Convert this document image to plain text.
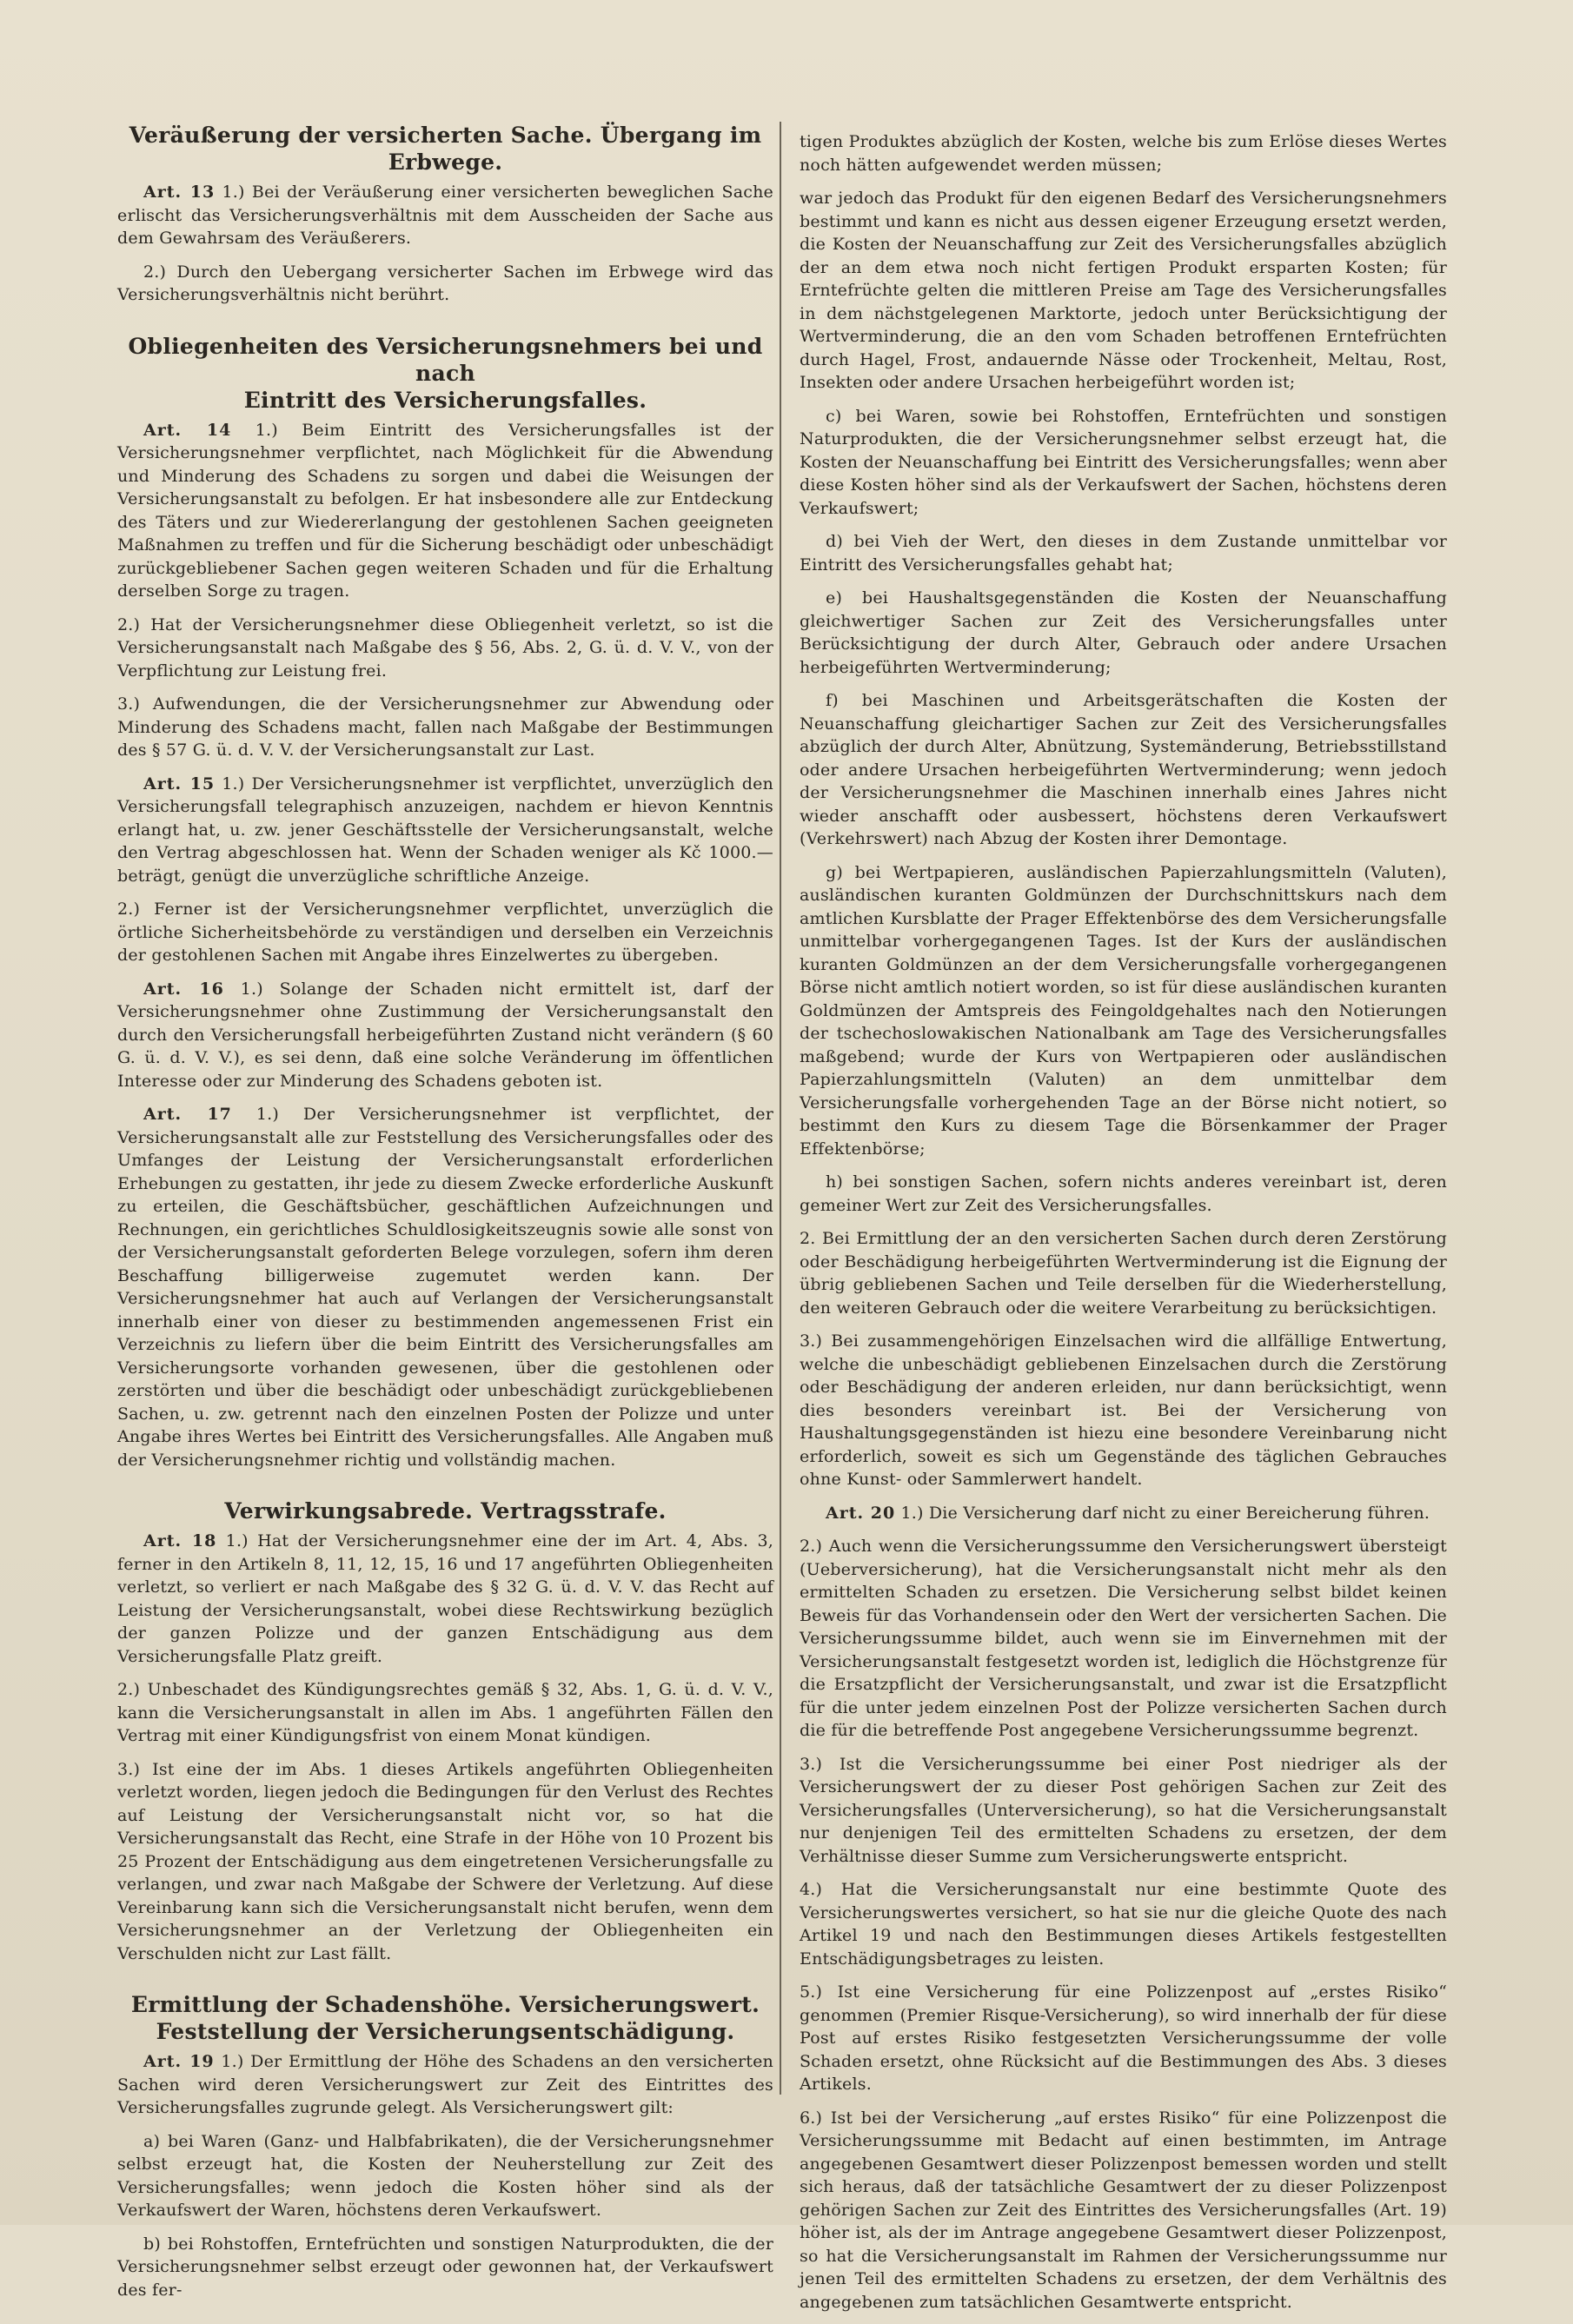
Veräußerung der versicherten Sache. Übergang im Erbwege.

Art. 13 1.) Bei der Veräußerung einer versicherten beweglichen Sache erlischt das Versicherungsverhältnis mit dem Ausscheiden der Sache aus dem Gewahrsam des Veräußerers.

2.) Durch den Uebergang versicherter Sachen im Erbwege wird das Versicherungsverhältnis nicht berührt.

Obliegenheiten des Versicherungsnehmers bei und nach
Eintritt des Versicherungsfalles.

Art. 14 1.) Beim Eintritt des Versicherungsfalles ist der Versicherungsnehmer verpflichtet, nach Möglichkeit für die Abwendung und Minderung des Schadens zu sorgen und dabei die Weisungen der Versicherungsanstalt zu befolgen. Er hat insbesondere alle zur Entdeckung des Täters und zur Wiedererlangung der gestohlenen Sachen geeigneten Maßnahmen zu treffen und für die Sicherung beschädigt oder unbeschädigt zurückgebliebener Sachen gegen weiteren Schaden und für die Erhaltung derselben Sorge zu tragen.

2.) Hat der Versicherungsnehmer diese Obliegenheit verletzt, so ist die Versicherungsanstalt nach Maßgabe des § 56, Abs. 2, G. ü. d. V. V., von der Verpflichtung zur Leistung frei.

3.) Aufwendungen, die der Versicherungsnehmer zur Abwendung oder Minderung des Schadens macht, fallen nach Maßgabe der Bestimmungen des § 57 G. ü. d. V. V. der Versicherungsanstalt zur Last.

Art. 15 1.) Der Versicherungsnehmer ist verpflichtet, unverzüglich den Versicherungsfall telegraphisch anzuzeigen, nachdem er hievon Kenntnis erlangt hat, u. zw. jener Geschäftsstelle der Versicherungsanstalt, welche den Vertrag abgeschlossen hat. Wenn der Schaden weniger als Kč 1000.— beträgt, genügt die unverzügliche schriftliche Anzeige.

2.) Ferner ist der Versicherungsnehmer verpflichtet, unverzüglich die örtliche Sicherheitsbehörde zu verständigen und derselben ein Verzeichnis der gestohlenen Sachen mit Angabe ihres Einzelwertes zu übergeben.

Art. 16 1.) Solange der Schaden nicht ermittelt ist, darf der Versicherungsnehmer ohne Zustimmung der Versicherungsanstalt den durch den Versicherungsfall herbeigeführten Zustand nicht verändern (§ 60 G. ü. d. V. V.), es sei denn, daß eine solche Veränderung im öffentlichen Interesse oder zur Minderung des Schadens geboten ist.

Art. 17 1.) Der Versicherungsnehmer ist verpflichtet, der Versicherungsanstalt alle zur Feststellung des Versicherungsfalles oder des Umfanges der Leistung der Versicherungsanstalt erforderlichen Erhebungen zu gestatten, ihr jede zu diesem Zwecke erforderliche Auskunft zu erteilen, die Geschäftsbücher, geschäftlichen Aufzeichnungen und Rechnungen, ein gerichtliches Schuldlosigkeitszeugnis sowie alle sonst von der Versicherungsanstalt geforderten Belege vorzulegen, sofern ihm deren Beschaffung billigerweise zugemutet werden kann. Der Versicherungsnehmer hat auch auf Verlangen der Versicherungsanstalt innerhalb einer von dieser zu bestimmenden angemessenen Frist ein Verzeichnis zu liefern über die beim Eintritt des Versicherungsfalles am Versicherungsorte vorhanden gewesenen, über die gestohlenen oder zerstörten und über die beschädigt oder unbeschädigt zurückgebliebenen Sachen, u. zw. getrennt nach den einzelnen Posten der Polizze und unter Angabe ihres Wertes bei Eintritt des Versicherungsfalles. Alle Angaben muß der Versicherungsnehmer richtig und vollständig machen.

Verwirkungsabrede. Vertragsstrafe.

Art. 18 1.) Hat der Versicherungsnehmer eine der im Art. 4, Abs. 3, ferner in den Artikeln 8, 11, 12, 15, 16 und 17 angeführten Obliegenheiten verletzt, so verliert er nach Maßgabe des § 32 G. ü. d. V. V. das Recht auf Leistung der Versicherungsanstalt, wobei diese Rechtswirkung bezüglich der ganzen Polizze und der ganzen Entschädigung aus dem Versicherungsfalle Platz greift.

2.) Unbeschadet des Kündigungsrechtes gemäß § 32, Abs. 1, G. ü. d. V. V., kann die Versicherungsanstalt in allen im Abs. 1 angeführten Fällen den Vertrag mit einer Kündigungsfrist von einem Monat kündigen.

3.) Ist eine der im Abs. 1 dieses Artikels angeführten Obliegenheiten verletzt worden, liegen jedoch die Bedingungen für den Verlust des Rechtes auf Leistung der Versicherungsanstalt nicht vor, so hat die Versicherungsanstalt das Recht, eine Strafe in der Höhe von 10 Prozent bis 25 Prozent der Entschädigung aus dem eingetretenen Versicherungsfalle zu verlangen, und zwar nach Maßgabe der Schwere der Verletzung. Auf diese Vereinbarung kann sich die Versicherungsanstalt nicht berufen, wenn dem Versicherungsnehmer an der Verletzung der Obliegenheiten ein Verschulden nicht zur Last fällt.

Ermittlung der Schadenshöhe. Versicherungswert.
Feststellung der Versicherungsentschädigung.

Art. 19 1.) Der Ermittlung der Höhe des Schadens an den versicherten Sachen wird deren Versicherungswert zur Zeit des Eintrittes des Versicherungsfalles zugrunde gelegt. Als Versicherungswert gilt:

a) bei Waren (Ganz- und Halbfabrikaten), die der Versicherungsnehmer selbst erzeugt hat, die Kosten der Neuherstellung zur Zeit des Versicherungsfalles; wenn jedoch die Kosten höher sind als der Verkaufswert der Waren, höchstens deren Verkaufswert.

b) bei Rohstoffen, Erntefrüchten und sonstigen Naturprodukten, die der Versicherungsnehmer selbst erzeugt oder gewonnen hat, der Verkaufswert des fer-

tigen Produktes abzüglich der Kosten, welche bis zum Erlöse dieses Wertes noch hätten aufgewendet werden müssen;

war jedoch das Produkt für den eigenen Bedarf des Versicherungsnehmers bestimmt und kann es nicht aus dessen eigener Erzeugung ersetzt werden, die Kosten der Neuanschaffung zur Zeit des Versicherungsfalles abzüglich der an dem etwa noch nicht fertigen Produkt ersparten Kosten; für Erntefrüchte gelten die mittleren Preise am Tage des Versicherungsfalles in dem nächstgelegenen Marktorte, jedoch unter Berücksichtigung der Wertverminderung, die an den vom Schaden betroffenen Erntefrüchten durch Hagel, Frost, andauernde Nässe oder Trockenheit, Meltau, Rost, Insekten oder andere Ursachen herbeigeführt worden ist;

c) bei Waren, sowie bei Rohstoffen, Erntefrüchten und sonstigen Naturprodukten, die der Versicherungsnehmer selbst erzeugt hat, die Kosten der Neuanschaffung bei Eintritt des Versicherungsfalles; wenn aber diese Kosten höher sind als der Verkaufswert der Sachen, höchstens deren Verkaufswert;

d) bei Vieh der Wert, den dieses in dem Zustande unmittelbar vor Eintritt des Versicherungsfalles gehabt hat;

e) bei Haushaltsgegenständen die Kosten der Neuanschaffung gleichwertiger Sachen zur Zeit des Versicherungsfalles unter Berücksichtigung der durch Alter, Gebrauch oder andere Ursachen herbeigeführten Wertverminderung;

f) bei Maschinen und Arbeitsgerätschaften die Kosten der Neuanschaffung gleichartiger Sachen zur Zeit des Versicherungsfalles abzüglich der durch Alter, Abnützung, Systemänderung, Betriebsstillstand oder andere Ursachen herbeigeführten Wertverminderung; wenn jedoch der Versicherungsnehmer die Maschinen innerhalb eines Jahres nicht wieder anschafft oder ausbessert, höchstens deren Verkaufswert (Verkehrswert) nach Abzug der Kosten ihrer Demontage.

g) bei Wertpapieren, ausländischen Papierzahlungsmitteln (Valuten), ausländischen kuranten Goldmünzen der Durchschnittskurs nach dem amtlichen Kursblatte der Prager Effektenbörse des dem Versicherungsfalle unmittelbar vorhergegangenen Tages. Ist der Kurs der ausländischen kuranten Goldmünzen an der dem Versicherungsfalle vorhergegangenen Börse nicht amtlich notiert worden, so ist für diese ausländischen kuranten Goldmünzen der Amtspreis des Feingoldgehaltes nach den Notierungen der tschechoslowakischen Nationalbank am Tage des Versicherungsfalles maßgebend; wurde der Kurs von Wertpapieren oder ausländischen Papierzahlungsmitteln (Valuten) an dem unmittelbar dem Versicherungsfalle vorhergehenden Tage an der Börse nicht notiert, so bestimmt den Kurs zu diesem Tage die Börsenkammer der Prager Effektenbörse;

h) bei sonstigen Sachen, sofern nichts anderes vereinbart ist, deren gemeiner Wert zur Zeit des Versicherungsfalles.

2. Bei Ermittlung der an den versicherten Sachen durch deren Zerstörung oder Beschädigung herbeigeführten Wertverminderung ist die Eignung der übrig gebliebenen Sachen und Teile derselben für die Wiederherstellung, den weiteren Gebrauch oder die weitere Verarbeitung zu berücksichtigen.

3.) Bei zusammengehörigen Einzelsachen wird die allfällige Entwertung, welche die unbeschädigt gebliebenen Einzelsachen durch die Zerstörung oder Beschädigung der anderen erleiden, nur dann berücksichtigt, wenn dies besonders vereinbart ist. Bei der Versicherung von Haushaltungsgegenständen ist hiezu eine besondere Vereinbarung nicht erforderlich, soweit es sich um Gegenstände des täglichen Gebrauches ohne Kunst- oder Sammlerwert handelt.

Art. 20 1.) Die Versicherung darf nicht zu einer Bereicherung führen.

2.) Auch wenn die Versicherungssumme den Versicherungswert übersteigt (Ueberversicherung), hat die Versicherungsanstalt nicht mehr als den ermittelten Schaden zu ersetzen. Die Versicherung selbst bildet keinen Beweis für das Vorhandensein oder den Wert der versicherten Sachen. Die Versicherungssumme bildet, auch wenn sie im Einvernehmen mit der Versicherungsanstalt festgesetzt worden ist, lediglich die Höchstgrenze für die Ersatzpflicht der Versicherungsanstalt, und zwar ist die Ersatzpflicht für die unter jedem einzelnen Post der Polizze versicherten Sachen durch die für die betreffende Post angegebene Versicherungssumme begrenzt.

3.) Ist die Versicherungssumme bei einer Post niedriger als der Versicherungswert der zu dieser Post gehörigen Sachen zur Zeit des Versicherungsfalles (Unterversicherung), so hat die Versicherungsanstalt nur denjenigen Teil des ermittelten Schadens zu ersetzen, der dem Verhältnisse dieser Summe zum Versicherungswerte entspricht.

4.) Hat die Versicherungsanstalt nur eine bestimmte Quote des Versicherungswertes versichert, so hat sie nur die gleiche Quote des nach Artikel 19 und nach den Bestimmungen dieses Artikels festgestellten Entschädigungsbetrages zu leisten.

5.) Ist eine Versicherung für eine Polizzenpost auf „erstes Risiko“ genommen (Premier Risque-Versicherung), so wird innerhalb der für diese Post auf erstes Risiko festgesetzten Versicherungssumme der volle Schaden ersetzt, ohne Rücksicht auf die Bestimmungen des Abs. 3 dieses Artikels.

6.) Ist bei der Versicherung „auf erstes Risiko“ für eine Polizzenpost die Versicherungssumme mit Bedacht auf einen bestimmten, im Antrage angegebenen Gesamtwert dieser Polizzenpost bemessen worden und stellt sich heraus, daß der tatsächliche Gesamtwert der zu dieser Polizzenpost gehörigen Sachen zur Zeit des Eintrittes des Versicherungsfalles (Art. 19) höher ist, als der im Antrage angegebene Gesamtwert dieser Polizzenpost, so hat die Versicherungsanstalt im Rahmen der Versicherungssumme nur jenen Teil des ermittelten Schadens zu ersetzen, der dem Verhältnis des angegebenen zum tatsächlichen Gesamtwerte entspricht.
